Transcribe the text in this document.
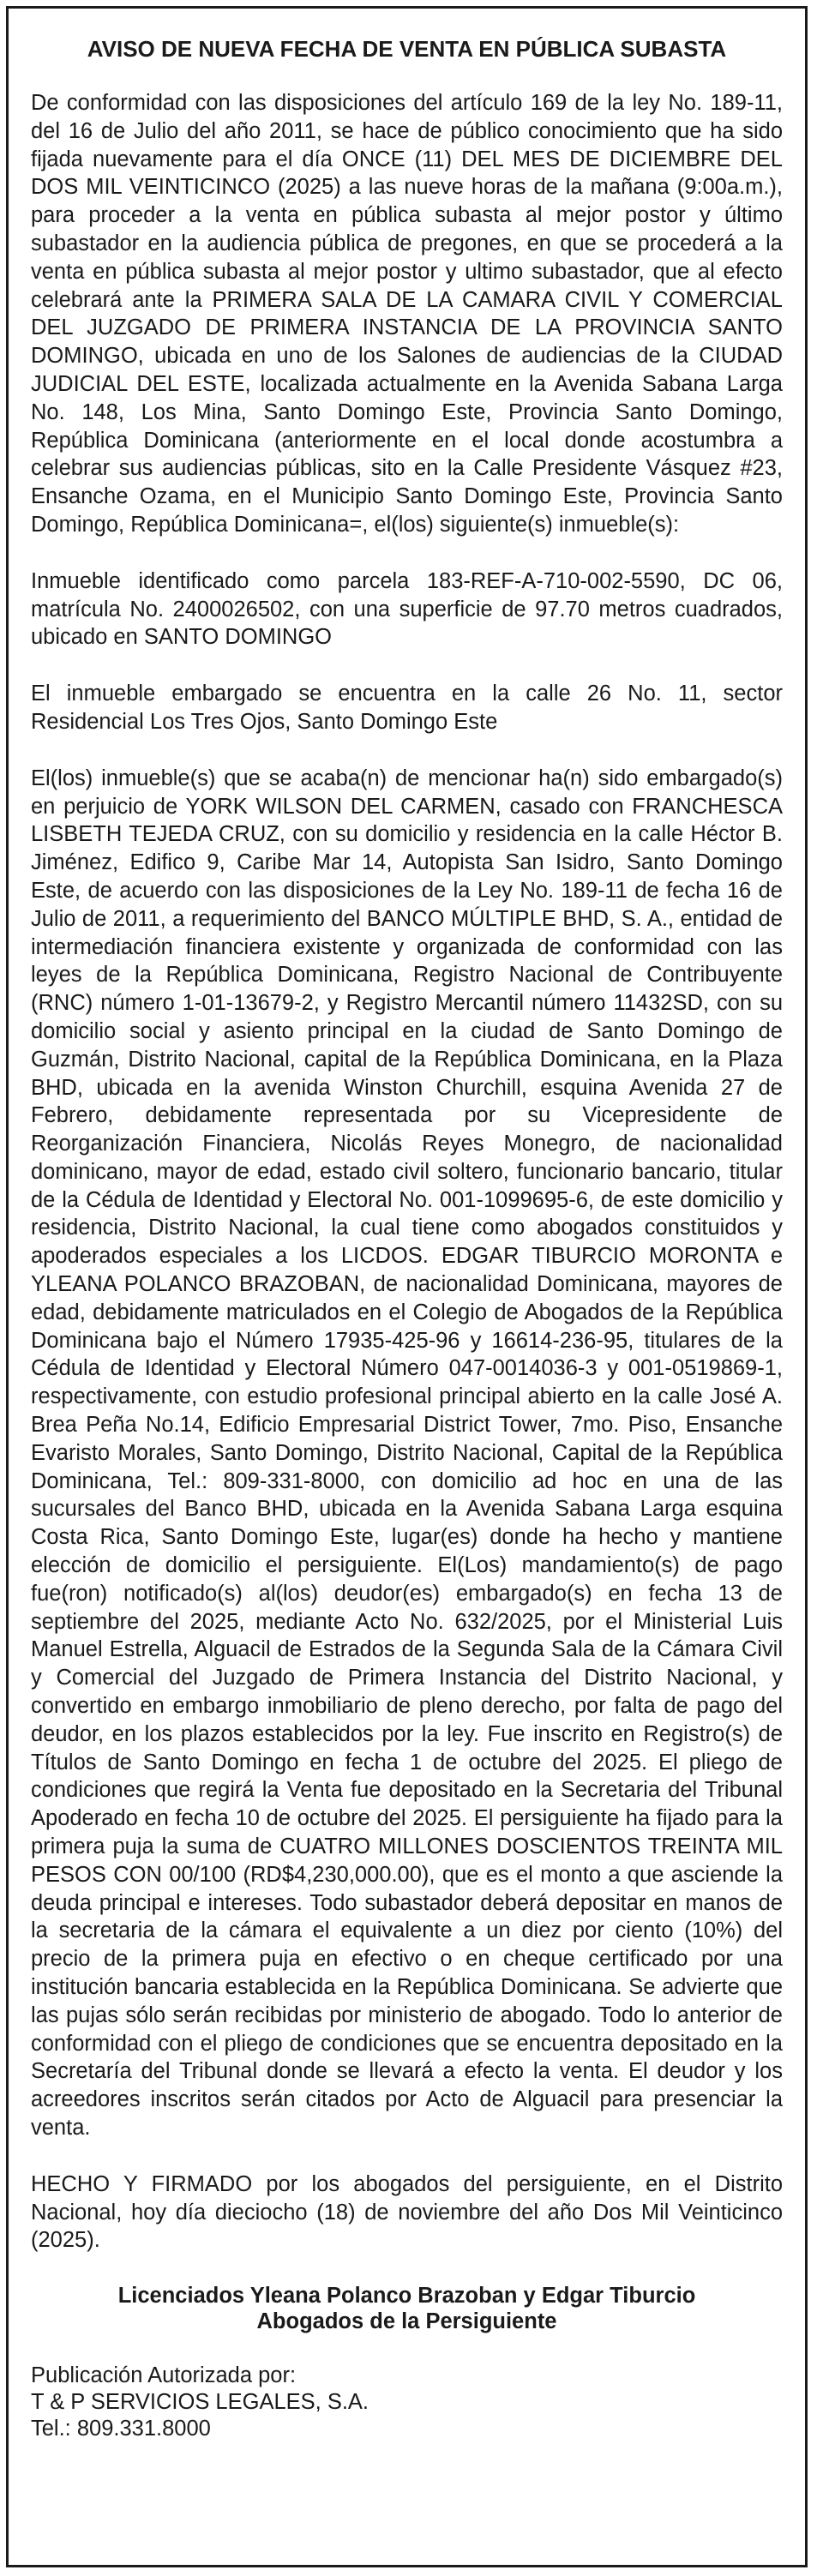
AVISO DE NUEVA FECHA DE VENTA EN PÚBLICA SUBASTA

De conformidad con las disposiciones del artículo 169 de la ley No. 189-11, del 16 de Julio del año 2011, se hace de público conocimiento que ha sido fijada nuevamente para el día ONCE (11) DEL MES DE DICIEMBRE DEL DOS MIL VEINTICINCO (2025) a las nueve horas de la mañana (9:00a.m.), para proceder a la venta en pública subasta al mejor postor y último subastador en la audiencia pública de pregones, en que se procederá a la venta en pública subasta al mejor postor y ultimo subastador, que al efecto celebrará ante la PRIMERA SALA DE LA CAMARA CIVIL Y COMERCIAL DEL JUZGADO DE PRIMERA INSTANCIA DE LA PROVINCIA SANTO DOMINGO, ubicada en uno de los Salones de audiencias de la CIUDAD JUDICIAL DEL ESTE, localizada actualmente en la Avenida Sabana Larga No. 148, Los Mina, Santo Domingo Este, Provincia Santo Domingo, República Dominicana (anteriormente en el local donde acostumbra a celebrar sus audiencias públicas, sito en la Calle Presidente Vásquez #23, Ensanche Ozama, en el Municipio Santo Domingo Este, Provincia Santo Domingo, República Dominicana=, el(los) siguiente(s) inmueble(s):

Inmueble identificado como parcela 183-REF-A-710-002-5590, DC 06, matrícula No. 2400026502, con una superficie de 97.70 metros cuadrados, ubicado en SANTO DOMINGO

El inmueble embargado se encuentra en la calle 26 No. 11, sector Residencial Los Tres Ojos, Santo Domingo Este

El(los) inmueble(s) que se acaba(n) de mencionar ha(n) sido embargado(s) en perjuicio de YORK WILSON DEL CARMEN, casado con FRANCHESCA LISBETH TEJEDA CRUZ, con su domicilio y residencia en la calle Héctor B. Jiménez, Edifico 9, Caribe Mar 14, Autopista San Isidro, Santo Domingo Este, de acuerdo con las disposiciones de la Ley No. 189-11 de fecha 16 de Julio de 2011, a requerimiento del BANCO MÚLTIPLE BHD, S. A., entidad de intermediación financiera existente y organizada de conformidad con las leyes de la República Dominicana, Registro Nacional de Contribuyente (RNC) número 1-01-13679-2, y Registro Mercantil número 11432SD, con su domicilio social y asiento principal en la ciudad de Santo Domingo de Guzmán, Distrito Nacional, capital de la República Dominicana, en la Plaza BHD, ubicada en la avenida Winston Churchill, esquina Avenida 27 de Febrero, debidamente representada por su Vicepresidente de Reorganización Financiera, Nicolás Reyes Monegro, de nacionalidad dominicano, mayor de edad, estado civil soltero, funcionario bancario, titular de la Cédula de Identidad y Electoral No. 001-1099695-6, de este domicilio y residencia, Distrito Nacional, la cual tiene como abogados constituidos y apoderados especiales a los LICDOS. EDGAR TIBURCIO MORONTA e YLEANA POLANCO BRAZOBAN, de nacionalidad Dominicana, mayores de edad, debidamente matriculados en el Colegio de Abogados de la República Dominicana bajo el Número 17935-425-96 y 16614-236-95, titulares de la Cédula de Identidad y Electoral Número 047-0014036-3 y 001-0519869-1, respectivamente, con estudio profesional principal abierto en la calle José A. Brea Peña No.14, Edificio Empresarial District Tower, 7mo. Piso, Ensanche Evaristo Morales, Santo Domingo, Distrito Nacional, Capital de la República Dominicana, Tel.: 809-331-8000, con domicilio ad hoc en una de las sucursales del Banco BHD, ubicada en la Avenida Sabana Larga esquina Costa Rica, Santo Domingo Este, lugar(es) donde ha hecho y mantiene elección de domicilio el persiguiente. El(Los) mandamiento(s) de pago fue(ron) notificado(s) al(los) deudor(es) embargado(s) en fecha 13 de septiembre del 2025, mediante Acto No. 632/2025, por el Ministerial Luis Manuel Estrella, Alguacil de Estrados de la Segunda Sala de la Cámara Civil y Comercial del Juzgado de Primera Instancia del Distrito Nacional, y convertido en embargo inmobiliario de pleno derecho, por falta de pago del deudor, en los plazos establecidos por la ley. Fue inscrito en Registro(s) de Títulos de Santo Domingo en fecha 1 de octubre del 2025. El pliego de condiciones que regirá la Venta fue depositado en la Secretaria del Tribunal Apoderado en fecha 10 de octubre del 2025. El persiguiente ha fijado para la primera puja la suma de CUATRO MILLONES DOSCIENTOS TREINTA MIL PESOS CON 00/100 (RD$4,230,000.00), que es el monto a que asciende la deuda principal e intereses. Todo subastador deberá depositar en manos de la secretaria de la cámara el equivalente a un diez por ciento (10%) del precio de la primera puja en efectivo o en cheque certificado por una institución bancaria establecida en la República Dominicana. Se advierte que las pujas sólo serán recibidas por ministerio de abogado. Todo lo anterior de conformidad con el pliego de condiciones que se encuentra depositado en la Secretaría del Tribunal donde se llevará a efecto la venta. El deudor y los acreedores inscritos serán citados por Acto de Alguacil para presenciar la venta.

HECHO Y FIRMADO por los abogados del persiguiente, en el Distrito Nacional, hoy día dieciocho (18) de noviembre del año Dos Mil Veinticinco (2025).

Licenciados Yleana Polanco Brazoban y Edgar Tiburcio
Abogados de la Persiguiente
Publicación Autorizada por:
T & P SERVICIOS LEGALES, S.A.
Tel.: 809.331.8000
